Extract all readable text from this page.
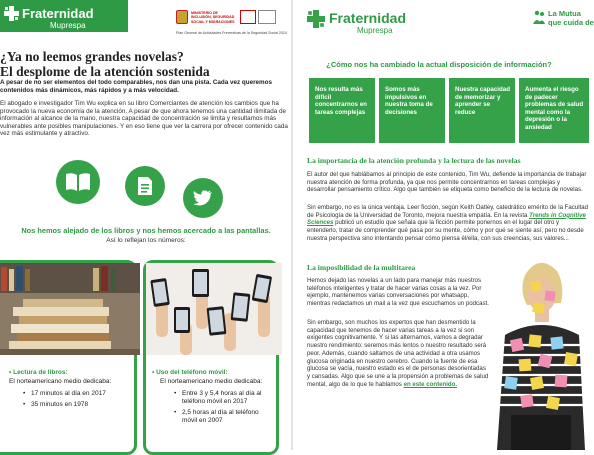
Fraternidad
Muprespa
MINISTERIO DE INCLUSIÓN, SEGURIDAD SOCIAL Y MIGRACIONES
Plan General de Actividades Preventivas de la Seguridad Social 2024
¿Ya no leemos grandes novelas?
El desplome de la atención sostenida
A pesar de no ser elementos del todo comparables, nos dan una pista. Cada vez queremos contenidos más dinámicos, más rápidos y a más velocidad.
El abogado e investigador Tim Wu explica en su libro Comerciantes de atención los cambios que ha provocado la nueva economía de la atención. A pesar de que ahora tenemos una cantidad ilimitada de información al alcance de la mano, nuestra capacidad de concentración se limita y resultamos más vulnerables ante posibles manipulaciones. Y en eso tiene que ver la carrera por ofrecer contenido cada vez más estimulante y atractivo.
Nos hemos alejado de los libros y nos hemos acercado a las pantallas.
Así lo reflejan los números:
• Lectura de libros:
El norteamericano medio dedicaba:
• 17 minutos al día en 2017
• 35 minutos en 1978
• Uso del teléfono móvil:
El norteamericano medio dedicaba:
• Entre 3 y 5,4 horas al día al teléfono móvil en 2017
• 2,5 horas al día al teléfono móvil en 2007
Fraternidad
Muprespa
La Mutua
que cuida de
¿Cómo nos ha cambiado la actual disposición de información?
Nos resulta más difícil concentrarnos en tareas complejas
Somos más impulsivos en nuestra toma de decisiones
Nuestra capacidad de memorizar y aprender se reduce
Aumenta el riesgo de padecer problemas de salud mental como la depresión o la ansiedad
La importancia de la atención profunda y la lectura de las novelas
El autor del que hablábamos al principio de este contenido, Tim Wu, defiende la importancia de trabajar nuestra atención de forma profunda, ya que nos permite concentrarnos en tareas complejas y desarrollar pensamiento crítico. Algo que también se etiqueta como beneficio de la lectura de novelas.
Sin embargo, no es la única ventaja. Leer ficción, según Keith Oatley, catedrático emérito de la Facultad de Psicología de la Universidad de Toronto, mejora nuestra empatía. En la revista Trends in Cognitive Sciences publicó un estudio que señala que la ficción permite ponernos en el lugar del otro y entenderlo, tratar de comprender qué pasa por su mente, cómo y por qué se siente así, pero no desde nuestra perspectiva sino intentando pensar cómo piensa él/ella, con sus creencias, sus valores...
La imposibilidad de la multitarea
Hemos dejado las novelas a un lado para manejar más nuestros teléfonos inteligentes y tratar de hacer varias cosas a la vez. Por ejemplo, mantenemos varias conversaciones por whatsapp, mientras redactamos un mail a la vez que escuchamos un podcast.
Sin embargo, son muchos los expertos que han desmentido la capacidad que tenemos de hacer varias tareas a la vez si son exigentes cognitivamente. Y si las alternamos, vamos a degradar nuestro rendimiento: seremos más lentos o nuestro resultado será peor. Además, cuando saltamos de una actividad a otra usamos glucosa originada en nuestro cerebro. Cuando la fuente de esa glucosa se vacía, nuestro estado es el de personas desorientadas y cansadas. Algo que se une a la propensión a problemas de salud mental, algo de lo que te hablamos en este contenido.
